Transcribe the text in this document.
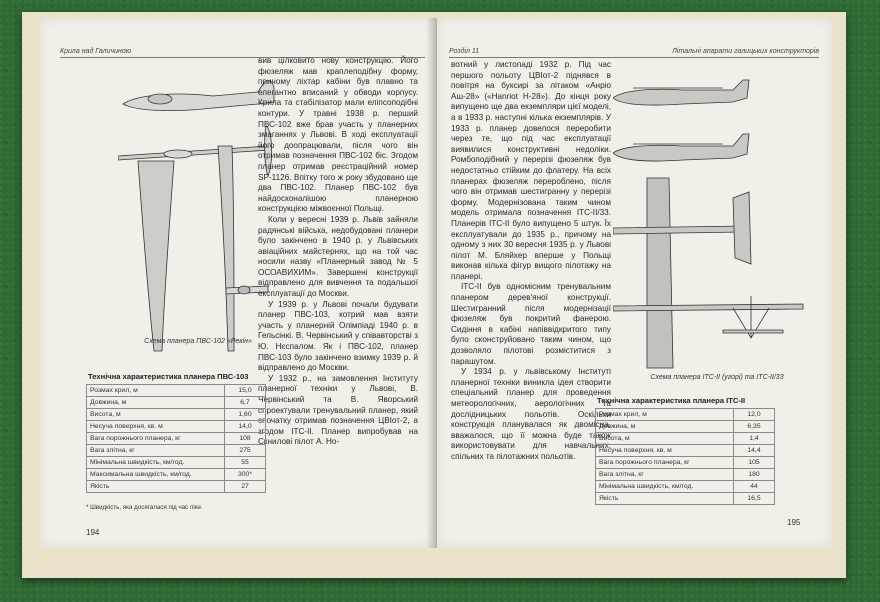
Крила над Галичиною
Схема планера ПВС-102 «Рекін»

вив цілковито нову конструкцію. Його фюзеляж мав краплеподібну форму, причому ліхтар кабіни був плавно та елегантно вписаний у обводи корпусу. Крила та стабілізатор мали еліпсоподібні контури. У травні 1938 р. перший ПВС-102 вже брав участь у планерних змаганнях у Львові. В ході експлуатації його доопрацювали, після чого він отримав позначення ПВС-102 біс. Згодом планер отримав реєстраційний номер SP-1126. Впітку того ж року збудовано ще два ПВС-102. Планер ПВС-102 був найдосконалішою планерною конструкцією міжвоєнної Польщі.

Коли у вересні 1939 р. Львів зайняли радянські війська, недобудовані планери було закінчено в 1940 р. у Львівських авіаційних майстернях, що на той час носили назву «Планерный завод № 5 ОСОАВИХИМ». Завершені конструкції відправлено для вивчення та подальшої експлуатації до Москви.

У 1939 р. у Львові почали будувати планер ПВС-103, котрий мав взяти участь у планерній Олімпіаді 1940 р. в Гельсінкі. В. Червінський у співавторстві з Ю. Нєспалом. Як і ПВС-102, планер ПВС-103 було закінчено взимку 1939 р. й відправлено до Москви.

У 1932 р., на замовлення Інституту планерної техніки у Львові, В. Червінський та В. Яворський спроектували тренувальний планер, який спочатку отримав позначення ЦВІот-2, а згодом ІТС-ІІ. Планер випробував на Скниловi пілот А. Но-

Технічна характеристика планера ПВС-103
Розмах крил, м	15,0
Довжина, м	6,7
Висота, м	1,60
Несуча поверхня, кв. м	14,0
Вага порожнього планера, кг	108
Вага злітна, кг	275
Мінімальна швидкість, км/год.	55
Максимальна швидкість, км/год.	300*
Якість	27
* Швидкість, яка досягалася під час піке.
194
Розділ 11	Літальні апарати галицьких конструкторів

вотний у листопаді 1932 р. Під час першого польоту ЦВІот-2 піднявся в повітря на буксирі за літаком «Анріо Аш-28» («Hanriot H-28»). До кінця року випущено ще два екземпляри цієї моделі, а в 1933 р. наступні кілька екземплярів. У 1933 р. планер довелося переробити через те, що під час експлуатації виявилися конструктивні недоліки. Ромбоподібний у перерізі фюзеляж був недостатньо стійким до флатеру. На всіх планерах фюзеляж перероблено, після чого він отримав шестигранну у перерізі форму. Модернізована таким чином модель отримала позначення ІТС-ІІ/33. Планерів ІТС-ІІ було випущено 5 штук. Їх експлуатували до 1935 р., причому на одному з них 30 вересня 1935 р. у Львові пілот М. Бляйхер вперше у Польщі виконав кілька фігур вищого пілотажу на планері.

ІТС-ІІ був одномісним тренувальним планером дерев'яної конструкції. Шестигранний після модернізації фюзеляж був покритий фанерою. Сидіння в кабіні напіввідкритого типу було сконструйовано таким чином, що дозволяло пілотові розміститися з парашутом.

У 1934 р. у львівському Інституті планерної техніки виникла ідея створити спеціальний планер для проведення метеорологічних, аерологічних та дослідницьких польотів. Оскільки конструкція планувалася як двомісна, вважалося, що її можна буде також використовувати для навчальних, спільних та пілотажних польотів.

Схема планера ІТС-ІІ (угорі) та ІТС-ІІ/33
Технічна характеристика планера ІТС-ІІ
Розмах крил, м	12,0
Довжина, м	6,35
Висота, м	1,4
Несуча поверхня, кв. м	14,4
Вага порожнього планера, кг	105
Вага злітна, кг	180
Мінімальна швидкість, км/год.	44
Якість	16,5
195
